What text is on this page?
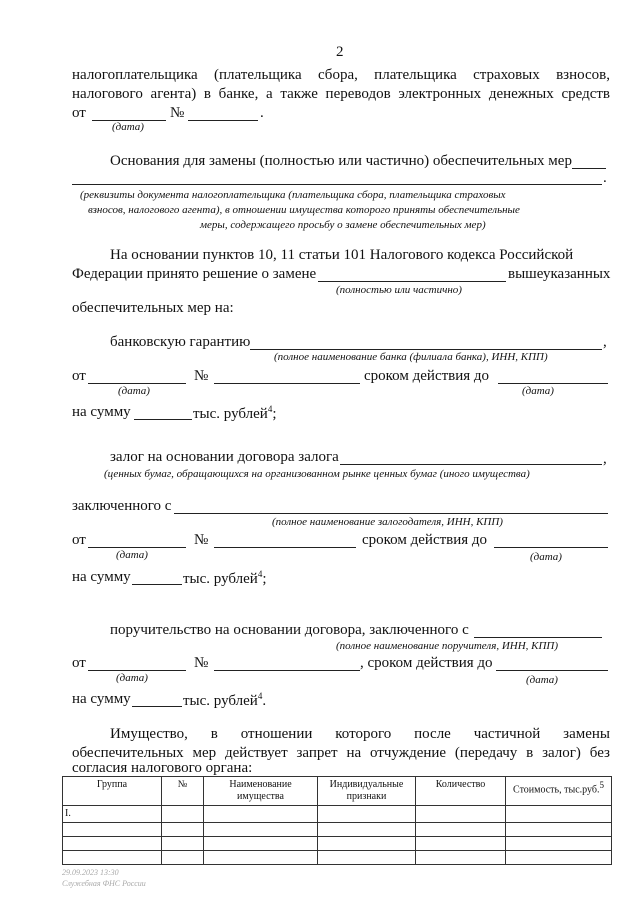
2
налогоплательщика (плательщика сбора, плательщика страховых взносов,
налогового агента) в банке, а также переводов электронных денежных средств
от	№	.
(дата)
Основания для замены (полностью или частично) обеспечительных мер
.
(реквизиты документа налогоплательщика (плательщика сбора, плательщика страховых
взносов, налогового агента), в отношении имущества которого приняты обеспечительные
меры, содержащего просьбу о замене обеспечительных мер)
На основании пунктов 10, 11 статьи 101 Налогового кодекса Российской
Федерации принято решение о замене	вышеуказанных
(полностью или частично)
обеспечительных мер на:
банковскую гарантию	,
(полное наименование банка (филиала банка), ИНН, КПП)
от	№	сроком действия до
(дата)	(дата)
на сумму	тыс. рублей$^4$;
залог на основании договора залога	,
(ценных бумаг, обращающихся на организованном рынке ценных бумаг (иного имущества)
заключенного с
(полное наименование залогодателя, ИНН, КПП)
от	№	сроком действия до
(дата)	(дата)
на сумму	тыс. рублей$^4$;
поручительство на основании договора, заключенного с
(полное наименование поручителя, ИНН, КПП)
от	№	, сроком действия до
(дата)	(дата)
на сумму	тыс. рублей$^4$.
Имущество, в отношении которого после частичной замены
обеспечительных мер действует запрет на отчуждение (передачу в залог) без
согласия налогового органа:
Группа	№	Наименование имущества	Индивидуальные признаки	Количество	Стоимость, тыс.руб.$^5$
I.					

29.09.2023 13:30
Служебная ФНС России
